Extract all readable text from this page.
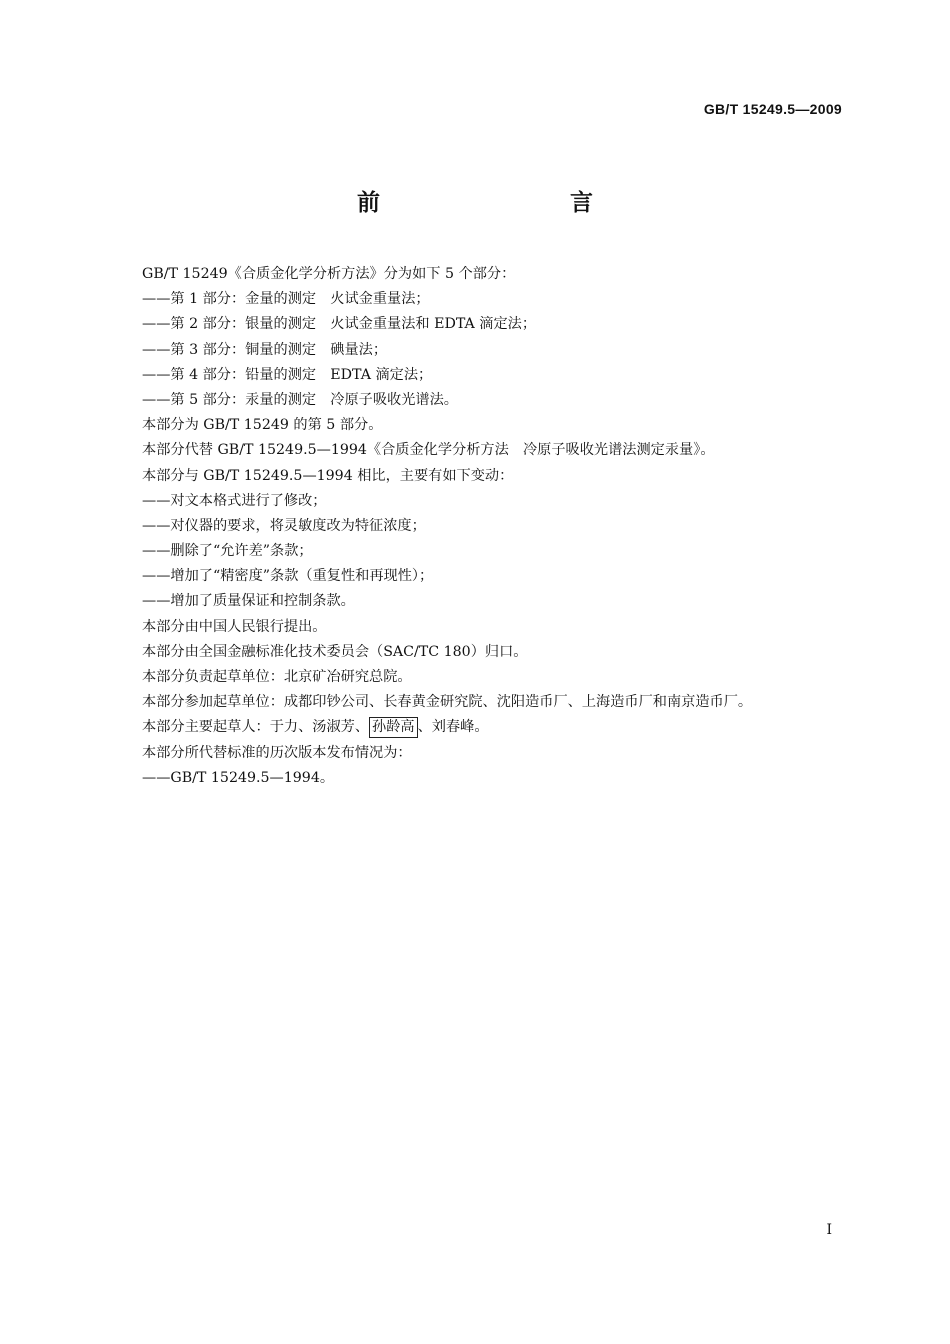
GB/T 15249.5—2009
前　　言
GB/T 15249《合质金化学分析方法》分为如下 5 个部分：
——第 1 部分：金量的测定　火试金重量法；
——第 2 部分：银量的测定　火试金重量法和 EDTA 滴定法；
——第 3 部分：铜量的测定　碘量法；
——第 4 部分：铅量的测定　EDTA 滴定法；
——第 5 部分：汞量的测定　冷原子吸收光谱法。
本部分为 GB/T 15249 的第 5 部分。
本部分代替 GB/T 15249.5—1994《合质金化学分析方法　冷原子吸收光谱法测定汞量》。
本部分与 GB/T 15249.5—1994 相比，主要有如下变动：
——对文本格式进行了修改；
——对仪器的要求，将灵敏度改为特征浓度；
——删除了“允许差”条款；
——增加了“精密度”条款（重复性和再现性）；
——增加了质量保证和控制条款。
本部分由中国人民银行提出。
本部分由全国金融标准化技术委员会（SAC/TC 180）归口。
本部分负责起草单位：北京矿冶研究总院。
本部分参加起草单位：成都印钞公司、长春黄金研究院、沈阳造币厂、上海造币厂和南京造币厂。
本部分主要起草人：于力、汤淑芳、 孙龄高 、刘春峰。
本部分所代替标准的历次版本发布情况为：
——GB/T 15249.5—1994。
I
